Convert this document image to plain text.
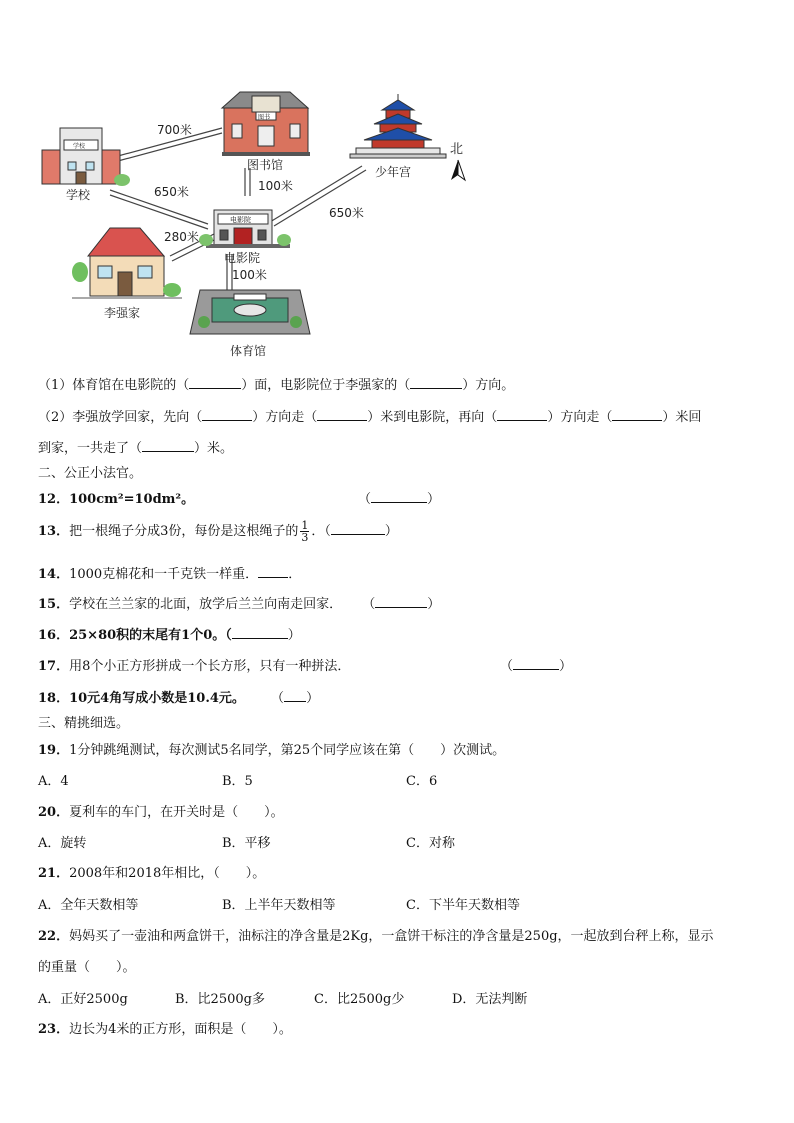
学校
图书
电影院
图书馆
学校
少年宫
北
电影院
李强家
体育馆
700米
100米
650米
650米
280米
100米
（1）体育馆在电影院的（	）面，电影院位于李强家的（	）方向。
（2）李强放学回家，先向（	）方向走（	）米到电影院，再向（	）方向走（	）米回
到家，一共走了（	）米。
二、公正小法官。
12．100cm²=10dm²。	（	）
13．把一根绳子分成3份，每份是这根绳子的 $\frac{1}{3}$ ．（	）
14．1000克棉花和一千克铁一样重． ．
15．学校在兰兰家的北面，放学后兰兰向南走回家． （	）
16．25×80积的末尾有1个0。（	）
17．用8个小正方形拼成一个长方形，只有一种拼法．	（	）
18．10元4角写成小数是10.4元。 （ ）
三、精挑细选。
19．1分钟跳绳测试，每次测试5名同学，第25个同学应该在第（　　）次测试。
A．4	B．5	C．6
20．夏利车的车门，在开关时是（　　）。
A．旋转	B．平移	C．对称
21．2008年和2018年相比，（　　）。
A．全年天数相等	B．上半年天数相等	C．下半年天数相等
22．妈妈买了一壶油和两盒饼干，油标注的净含量是2Kg，一盒饼干标注的净含量是250g，一起放到台秤上称，显示
的重量（　　）。
A．正好2500g	B．比2500g多	C．比2500g少	D．无法判断
23．边长为4米的正方形，面积是（　　）。
